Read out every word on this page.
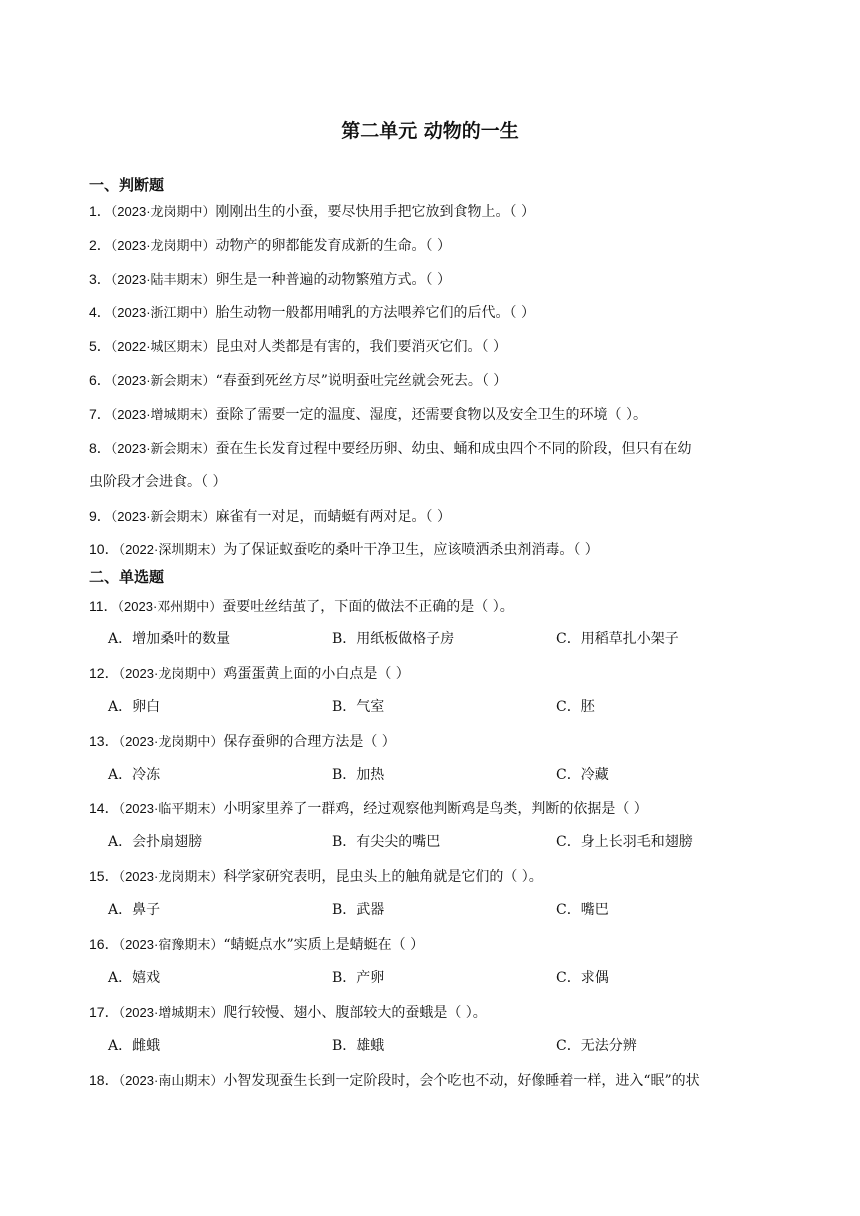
第二单元 动物的一生
一、判断题
1．（2023·龙岗期中）刚刚出生的小蚕，要尽快用手把它放到食物上。（ ）
2．（2023·龙岗期中）动物产的卵都能发育成新的生命。（ ）
3．（2023·陆丰期末）卵生是一种普遍的动物繁殖方式。（ ）
4．（2023·浙江期中）胎生动物一般都用哺乳的方法喂养它们的后代。（ ）
5．（2022·城区期末）昆虫对人类都是有害的，我们要消灭它们。（ ）
6．（2023·新会期末）“春蚕到死丝方尽”说明蚕吐完丝就会死去。（ ）
7．（2023·增城期末）蚕除了需要一定的温度、湿度，还需要食物以及安全卫生的环境（ ）。
8．（2023·新会期末）蚕在生长发育过程中要经历卵、幼虫、蛹和成虫四个不同的阶段，但只有在幼
虫阶段才会进食。（ ）
9．（2023·新会期末）麻雀有一对足，而蜻蜓有两对足。（ ）
10．（2022·深圳期末）为了保证蚁蚕吃的桑叶干净卫生，应该喷洒杀虫剂消毒。（ ）
二、单选题
11．（2023·邓州期中）蚕要吐丝结茧了，下面的做法不正确的是（ ）。
A．增加桑叶的数量	B．用纸板做格子房	C．用稻草扎小架子
12．（2023·龙岗期中）鸡蛋蛋黄上面的小白点是（ ）
A．卵白	B．气室	C．胚
13．（2023·龙岗期中）保存蚕卵的合理方法是（ ）
A．冷冻	B．加热	C．冷藏
14．（2023·临平期末）小明家里养了一群鸡，经过观察他判断鸡是鸟类，判断的依据是（ ）
A．会扑扇翅膀	B．有尖尖的嘴巴	C．身上长羽毛和翅膀
15．（2023·龙岗期末）科学家研究表明，昆虫头上的触角就是它们的（ ）。
A．鼻子	B．武器	C．嘴巴
16．（2023·宿豫期末）“蜻蜓点水”实质上是蜻蜓在（ ）
A．嬉戏	B．产卵	C．求偶
17．（2023·增城期末）爬行较慢、翅小、腹部较大的蚕蛾是（ ）。
A．雌蛾	B．雄蛾	C．无法分辨
18．（2023·南山期末）小智发现蚕生长到一定阶段时，会个吃也不动，好像睡着一样，进入“眠”的状
